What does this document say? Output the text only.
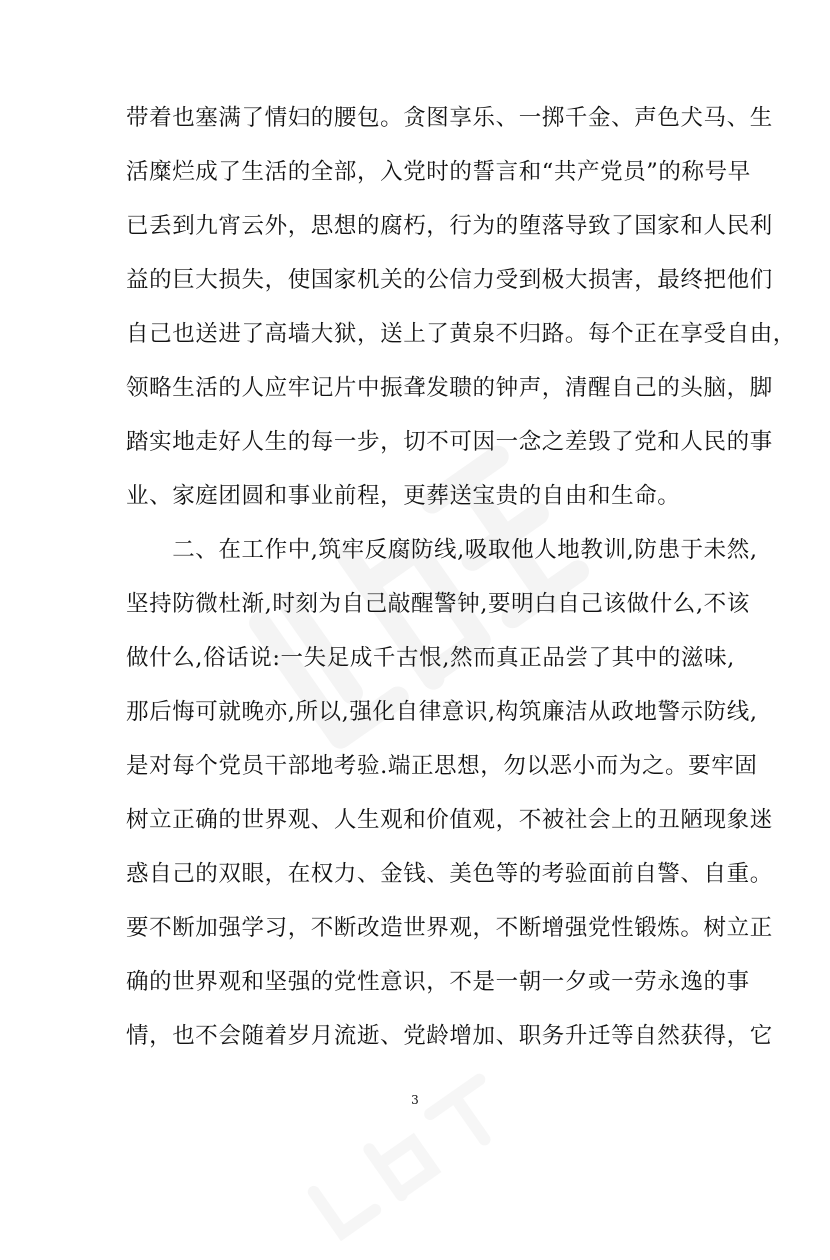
带着也塞满了情妇的腰包。贪图享乐、一掷千金、声色犬马、生
活糜烂成了生活的全部，入党时的誓言和“共产党员”的称号早
已丢到九宵云外，思想的腐朽，行为的堕落导致了国家和人民利
益的巨大损失，使国家机关的公信力受到极大损害，最终把他们
自己也送进了高墙大狱，送上了黄泉不归路。每个正在享受自由，
领略生活的人应牢记片中振聋发聩的钟声，清醒自己的头脑，脚
踏实地走好人生的每一步，切不可因一念之差毁了党和人民的事
业、家庭团圆和事业前程，更葬送宝贵的自由和生命。
　　二、在工作中,筑牢反腐防线,吸取他人地教训,防患于未然,
坚持防微杜渐,时刻为自己敲醒警钟,要明白自己该做什么,不该
做什么,俗话说:一失足成千古恨,然而真正品尝了其中的滋味,
那后悔可就晚亦,所以,强化自律意识,构筑廉洁从政地警示防线,
是对每个党员干部地考验.端正思想，勿以恶小而为之。要牢固
树立正确的世界观、人生观和价值观，不被社会上的丑陋现象迷
惑自己的双眼，在权力、金钱、美色等的考验面前自警、自重。
要不断加强学习，不断改造世界观，不断增强党性锻炼。树立正
确的世界观和坚强的党性意识，不是一朝一夕或一劳永逸的事
情，也不会随着岁月流逝、党龄增加、职务升迁等自然获得，它
3
